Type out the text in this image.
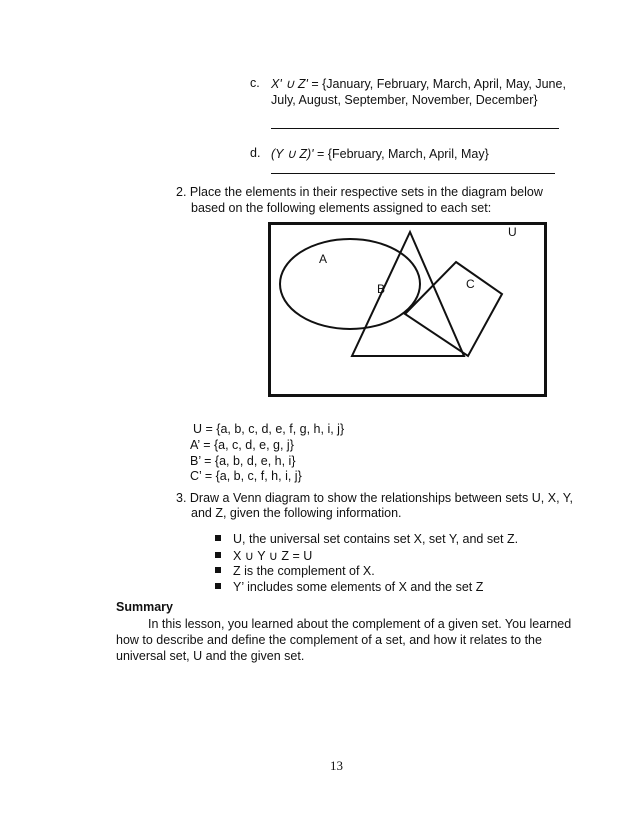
c. X' ∪ Z' = {January, February, March, April, May, June,
July, August, September, November, December}
d. (Y ∪ Z)' = {February, March, April, May}
2. Place the elements in their respective sets in the diagram below
based on the following elements assigned to each set:
U
A
B	C
U = {a, b, c, d, e, f, g, h, i, j}
A’ = {a, c, d, e, g, j}
B’ = {a, b, d, e, h, i}
C’ = {a, b, c, f, h, i, j}
3. Draw a Venn diagram to show the relationships between sets U, X, Y,
and Z, given the following information.
U, the universal set contains set X, set Y, and set Z.
X ∪ Y ∪ Z = U
Z is the complement of X.
Y’ includes some elements of X and the set Z
Summary
In this lesson, you learned about the complement of a given set. You learned how to describe and define the complement of a set, and how it relates to the universal set, U and the given set.
13
